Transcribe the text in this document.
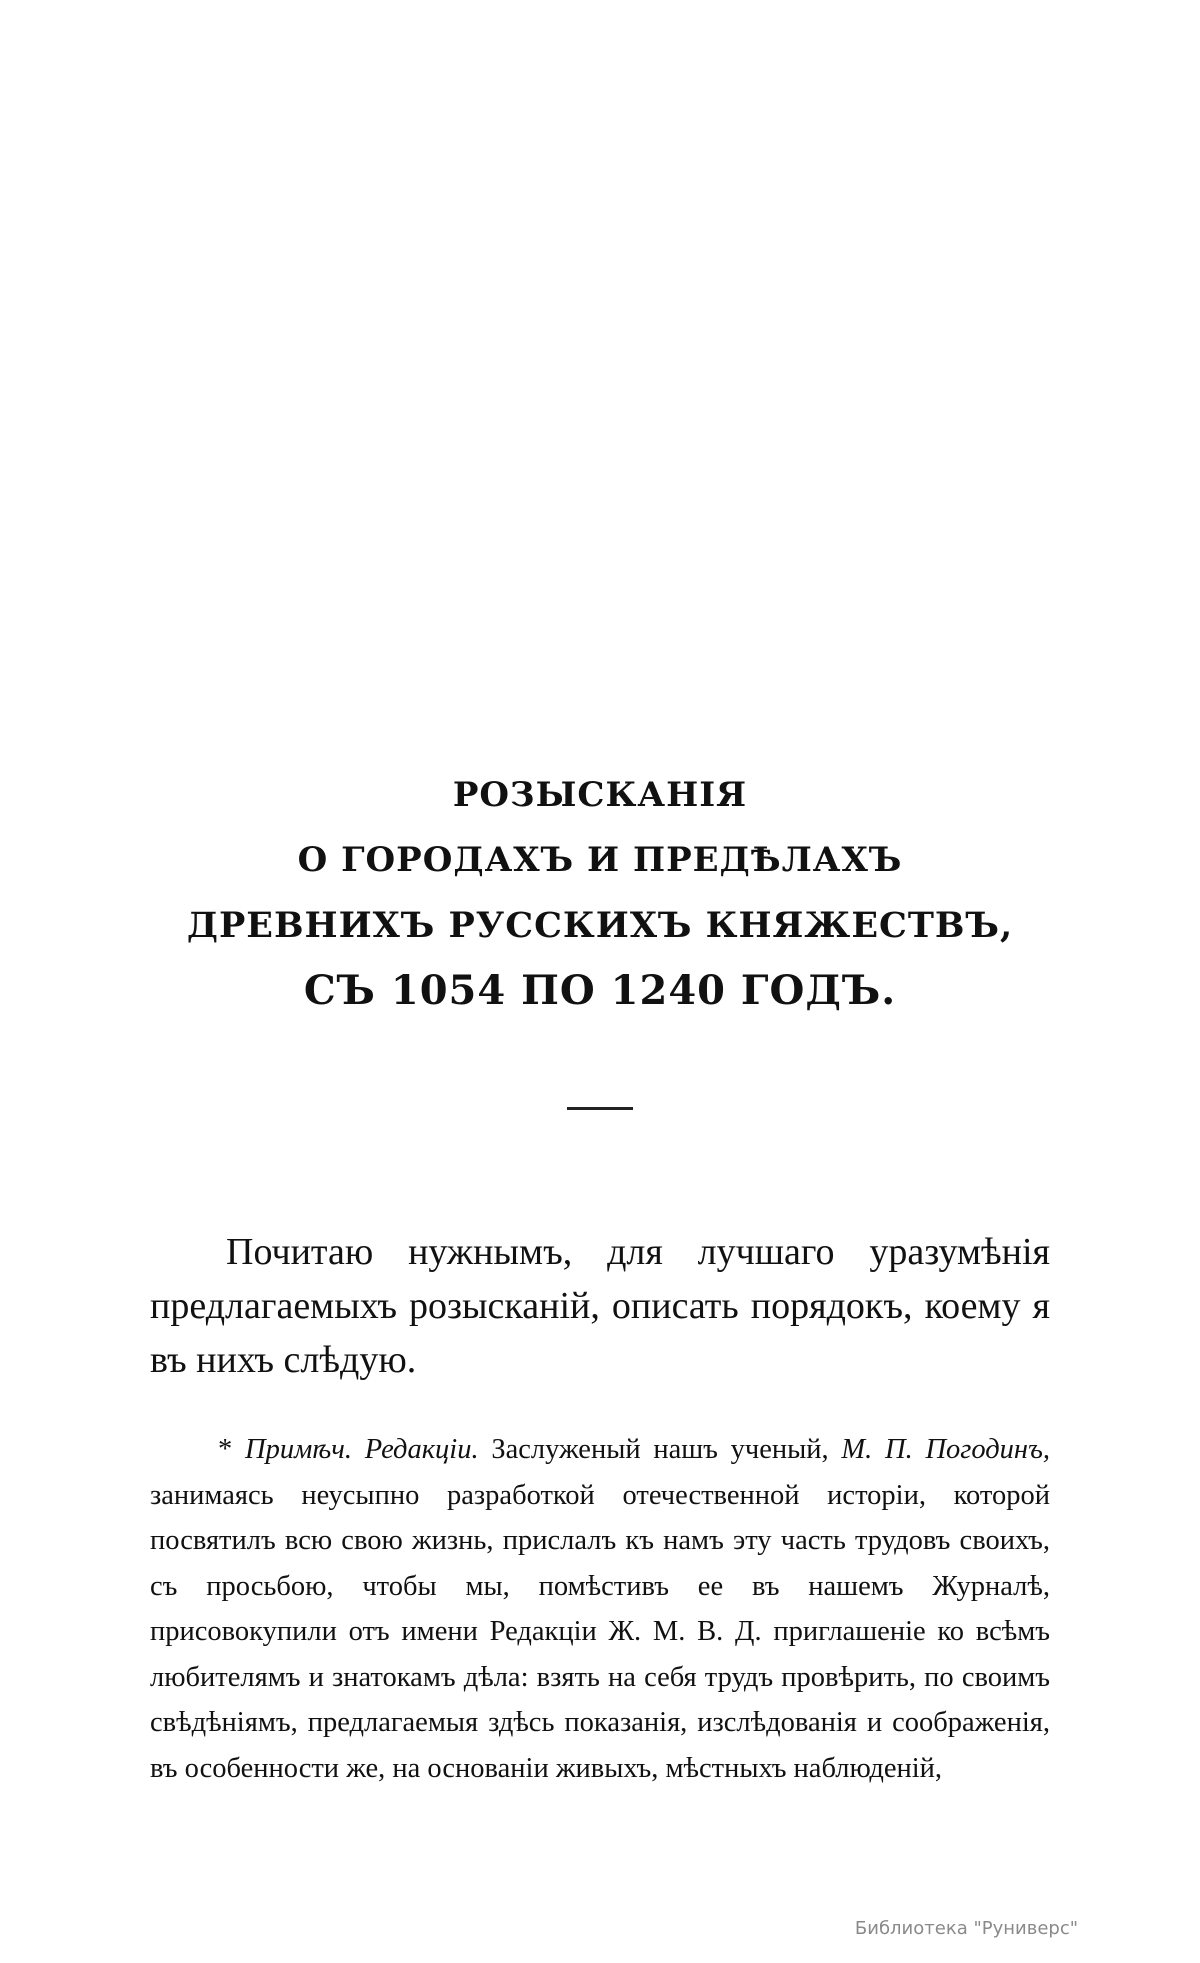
РОЗЫСКАНІЯ
О ГОРОДАХЪ И ПРЕДѢЛАХЪ
ДРЕВНИХЪ РУССКИХЪ КНЯЖЕСТВЪ,
СЪ 1054 ПО 1240 ГОДЪ.

Почитаю нужнымъ, для лучшаго уразумѣнія предлагаемыхъ розысканій, описать порядокъ, коему я въ нихъ слѣдую.

* Примѣч. Редакціи. Заслуженый нашъ ученый, М. П. Погодинъ, занимаясь неусыпно разработкой отечественной исторіи, которой посвятилъ всю свою жизнь, прислалъ къ намъ эту часть трудовъ своихъ, съ просьбою, чтобы мы, помѣстивъ ее въ нашемъ Журналѣ, присовокупили отъ имени Редакціи Ж. М. В. Д. приглашеніе ко всѣмъ любителямъ и знатокамъ дѣла: взять на себя трудъ провѣрить, по своимъ свѣдѣніямъ, предлагаемыя здѣсь показанія, изслѣдованія и соображенія, въ особенности же, на основаніи живыхъ, мѣстныхъ наблюденій,

Библиотека "Руниверс"
